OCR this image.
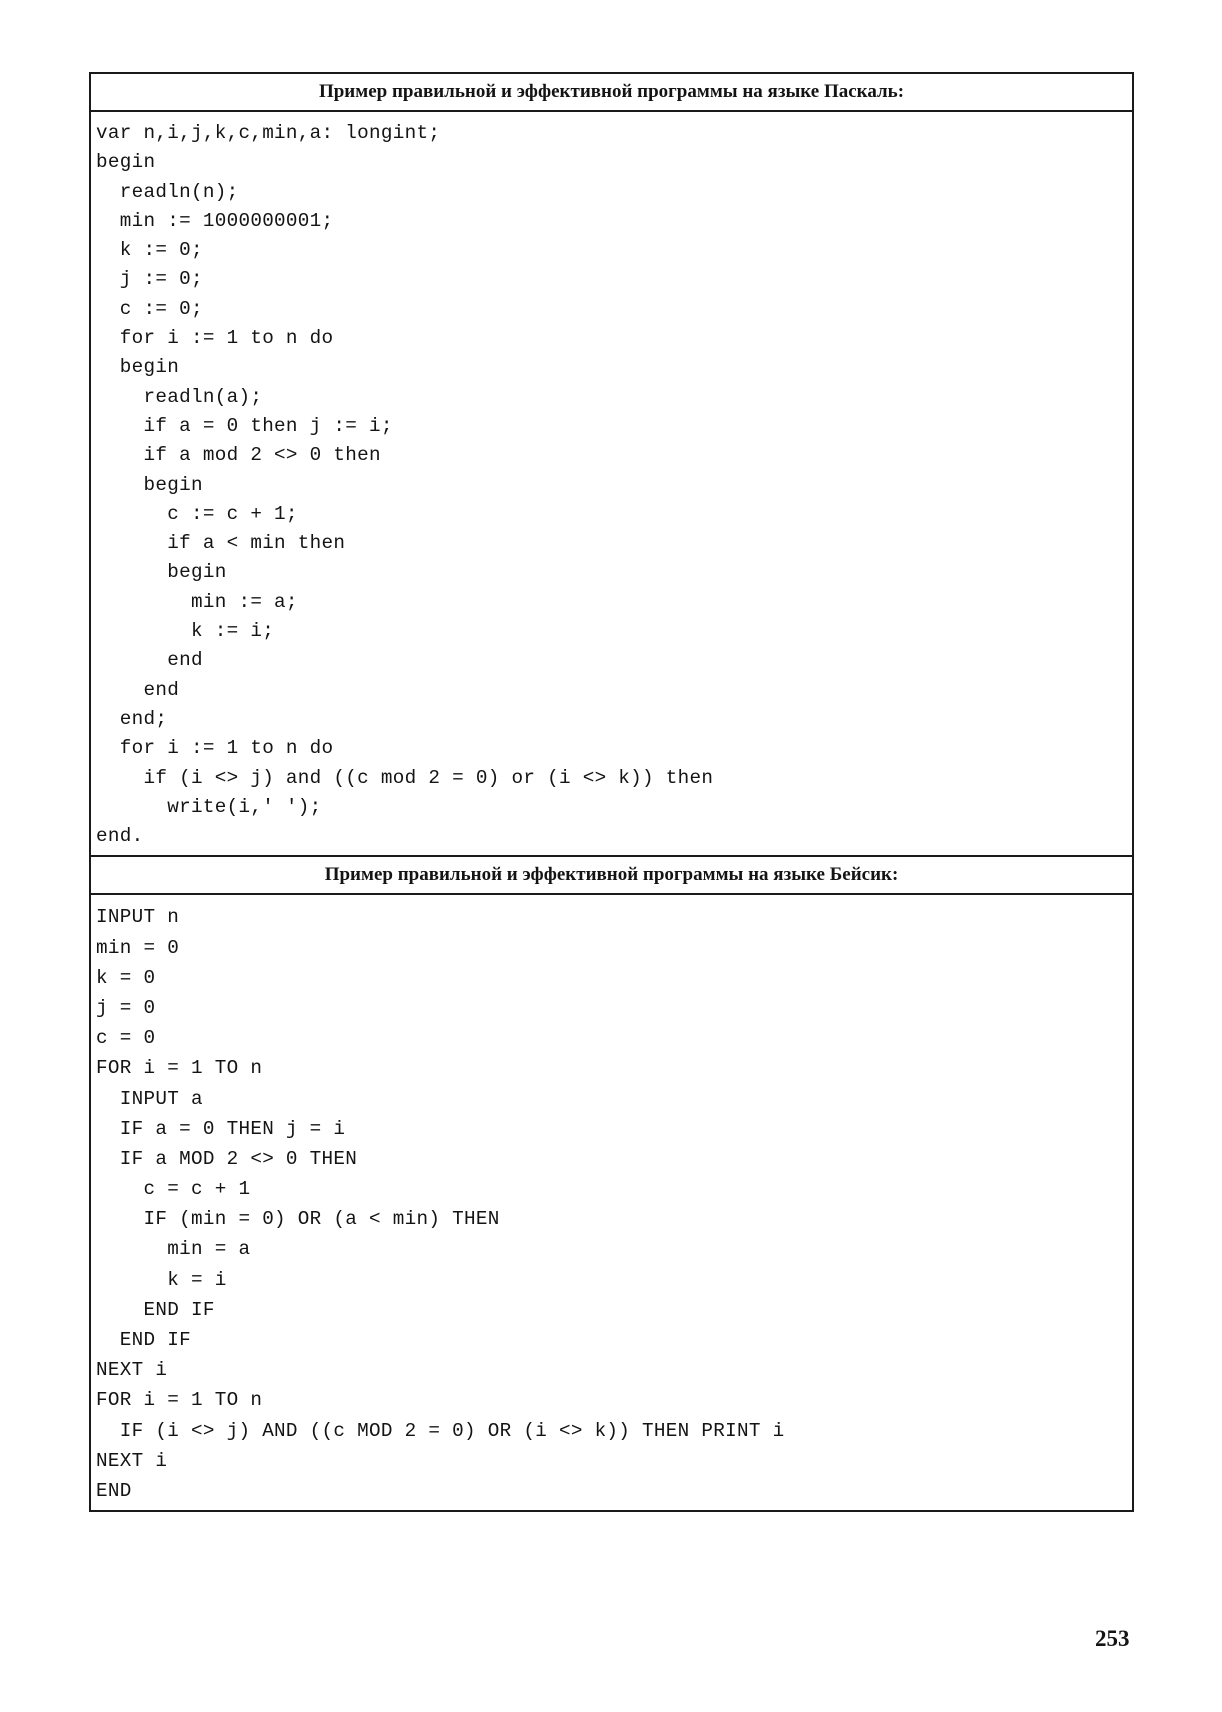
Пример правильной и эффективной программы на языке Паскаль:
var n,i,j,k,c,min,a: longint;
begin
readln(n);
min := 1000000001;
k := 0;
j := 0;
c := 0;
for i := 1 to n do
begin
readln(a);
if a = 0 then j := i;
if a mod 2 <> 0 then
begin
c := c + 1;
if a < min then
begin
min := a;
k := i;
end
end
end;
for i := 1 to n do
if (i <> j) and ((c mod 2 = 0) or (i <> k)) then
write(i,' ');
end.
Пример правильной и эффективной программы на языке Бейсик:
INPUT n
min = 0
k = 0
j = 0
c = 0
FOR i = 1 TO n
INPUT a
IF a = 0 THEN j = i
IF a MOD 2 <> 0 THEN
c = c + 1
IF (min = 0) OR (a < min) THEN
min = a
k = i
END IF
END IF
NEXT i
FOR i = 1 TO n
IF (i <> j) AND ((c MOD 2 = 0) OR (i <> k)) THEN PRINT i
NEXT i
END
253
